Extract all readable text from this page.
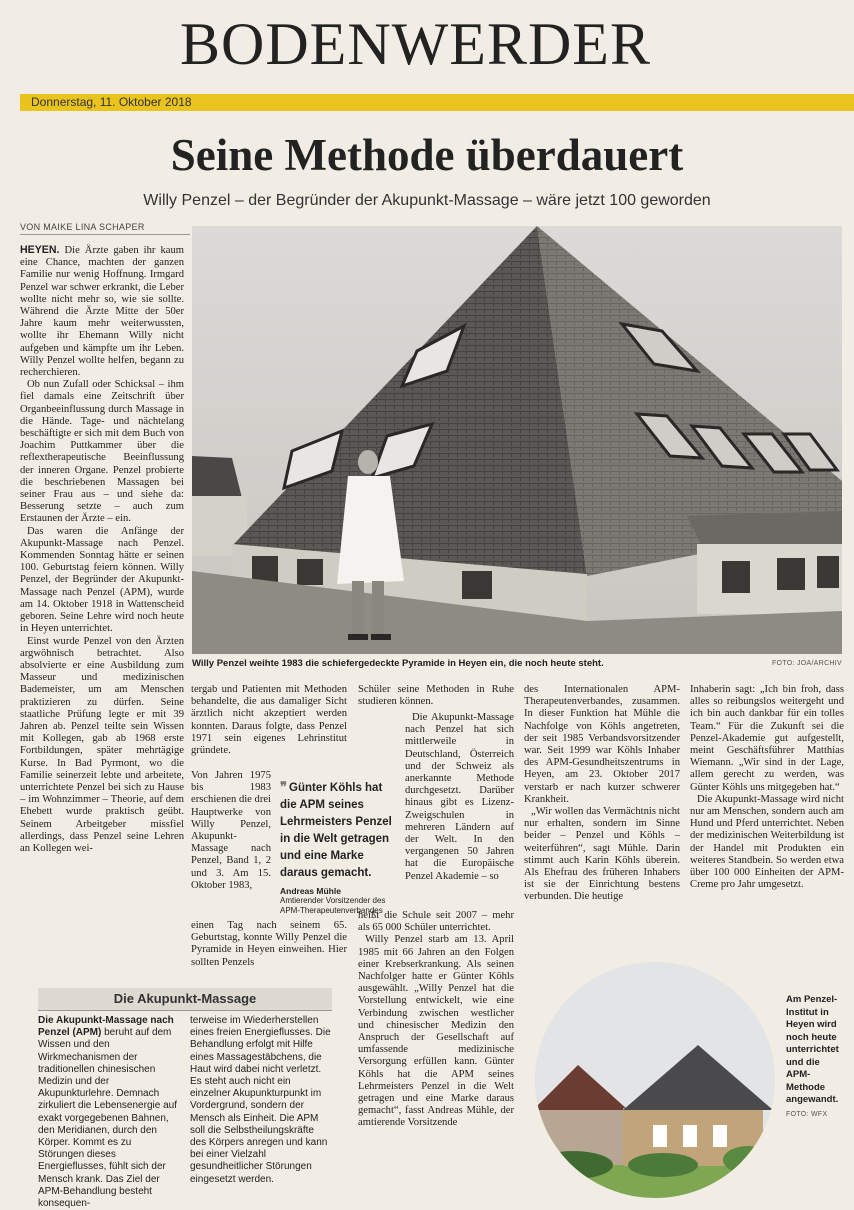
BODENWERDER
Donnerstag, 11. Oktober 2018
Seine Methode überdauert
Willy Penzel – der Begründer der Akupunkt-Massage – wäre jetzt 100 geworden
VON MAIKE LINA SCHAPER
Willy Penzel weihte 1983 die schiefergedeckte Pyramide in Heyen ein, die noch heute steht.	FOTO: JOA/ARCHIV

HEYEN. Die Ärzte gaben ihr kaum eine Chance, machten der ganzen Familie nur wenig Hoffnung. Irmgard Penzel war schwer erkrankt, die Leber wollte nicht mehr so, wie sie sollte. Während die Ärzte Mitte der 50er Jahre kaum mehr weiterwussten, wollte ihr Ehemann Willy nicht aufgeben und kämpfte um ihr Leben. Willy Penzel wollte helfen, begann zu recherchieren.

Ob nun Zufall oder Schicksal – ihm fiel damals eine Zeitschrift über Organbeeinflussung durch Massage in die Hände. Tage- und nächtelang beschäftigte er sich mit dem Buch von Joachim Puttkammer über die reflextherapeutische Beeinflussung der inneren Organe. Penzel probierte die beschriebenen Massagen bei seiner Frau aus – und siehe da: Besserung setzte – auch zum Erstaunen der Ärzte – ein.

Das waren die Anfänge der Akupunkt-Massage nach Penzel. Kommenden Sonntag hätte er seinen 100. Geburtstag feiern können. Willy Penzel, der Begründer der Akupunkt-Massage nach Penzel (APM), wurde am 14. Oktober 1918 in Wattenscheid geboren. Seine Lehre wird noch heute in Heyen unterrichtet.

Einst wurde Penzel von den Ärzten argwöhnisch betrachtet. Also absolvierte er eine Ausbildung zum Masseur und medizinischen Bademeister, um am Menschen praktizieren zu dürfen. Seine staatliche Prüfung legte er mit 39 Jahren ab. Penzel teilte sein Wissen mit Kollegen, gab ab 1968 erste Fortbildungen, später mehrtägige Kurse. In Bad Pyrmont, wo die Familie seinerzeit lebte und arbeitete, unterrichtete Penzel bei sich zu Hause – im Wohnzimmer – Theorie, auf dem Ehebett wurde praktisch geübt. Seinem Arbeitgeber missfiel allerdings, dass Penzel seine Lehren an Kollegen wei-

tergab und Patienten mit Methoden behandelte, die aus damaliger Sicht ärztlich nicht akzeptiert werden konnten. Daraus folgte, dass Penzel 1971 sein eigenes Lehrinstitut gründete.

Von Jahren 1975 bis 1983 erschienen die drei Hauptwerke von Willy Penzel, Akupunkt-Massage nach Penzel, Band 1, 2 und 3. Am 15. Oktober 1983,

❞ Günter Köhls hat die APM seines Lehrmeisters Penzel in die Welt getragen und eine Marke daraus gemacht.
Andreas Mühle
Amtierender Vorsitzender des APM-Therapeutenverbandes

einen Tag nach seinem 65. Geburtstag, konnte Willy Penzel die Pyramide in Heyen einweihen. Hier sollten Penzels

Schüler seine Methoden in Ruhe studieren können.

Die Akupunkt-Massage nach Penzel hat sich mittlerweile in Deutschland, Österreich und der Schweiz als anerkannte Methode durchgesetzt. Darüber hinaus gibt es Lizenz-Zweigschulen in mehreren Ländern auf der Welt. In den vergangenen 50 Jahren hat die Europäische Penzel Akademie – so

heißt die Schule seit 2007 – mehr als 65 000 Schüler unterrichtet.

Willy Penzel starb am 13. April 1985 mit 66 Jahren an den Folgen einer Krebserkrankung. Als seinen Nachfolger hatte er Günter Köhls ausgewählt. „Willy Penzel hat die Vorstellung entwickelt, wie eine Verbindung zwischen westlicher und chinesischer Medizin den Anspruch der Gesellschaft auf umfassende medizinische Versorgung erfüllen kann. Günter Köhls hat die APM seines Lehrmeisters Penzel in die Welt getragen und eine Marke daraus gemacht“, fasst Andreas Mühle, der amtierende Vorsitzende

des Internationalen APM-Therapeutenverbandes, zusammen. In dieser Funktion hat Mühle die Nachfolge von Köhls angetreten, der seit 1985 Verbandsvorsitzender war. Seit 1999 war Köhls Inhaber des APM-Gesundheitszentrums in Heyen, am 23. Oktober 2017 verstarb er nach kurzer schwerer Krankheit.

„Wir wollen das Vermächtnis nicht nur erhalten, sondern im Sinne beider – Penzel und Köhls – weiterführen“, sagt Mühle. Darin stimmt auch Karin Köhls überein. Als Ehefrau des früheren Inhabers ist sie der Einrichtung bestens verbunden. Die heutige

Inhaberin sagt: „Ich bin froh, dass alles so reibungslos weitergeht und ich bin auch dankbar für ein tolles Team.“ Für die Zukunft sei die Penzel-Akademie gut aufgestellt, meint Geschäftsführer Matthias Wiemann. „Wir sind in der Lage, allem gerecht zu werden, was Günter Köhls uns mitgegeben hat.“

Die Akupunkt-Massage wird nicht nur am Menschen, sondern auch am Hund und Pferd unterrichtet. Neben der medizinischen Weiterbildung ist der Handel mit Produkten ein weiteres Standbein. So werden etwa über 100 000 Einheiten der APM-Creme pro Jahr umgesetzt.

Die Akupunkt-Massage
Die Akupunkt-Massage nach Penzel (APM) beruht auf dem Wissen und den Wirkmechanismen der traditionellen chinesischen Medizin und der Akupunkturlehre. Demnach zirkuliert die Lebensenergie auf exakt vorgegebenen Bahnen, den Meridianen, durch den Körper. Kommt es zu Störungen dieses Energieflusses, fühlt sich der Mensch krank. Das Ziel der APM-Behandlung besteht konsequen-
terweise im Wiederherstellen eines freien Energieflusses. Die Behandlung erfolgt mit Hilfe eines Massagestäbchens, die Haut wird dabei nicht verletzt. Es steht auch nicht ein einzelner Akupunkturpunkt im Vordergrund, sondern der Mensch als Einheit. Die APM soll die Selbstheilungskräfte des Körpers anregen und kann bei einer Vielzahl gesundheitlicher Störungen eingesetzt werden.
Am Penzel-Institut in Heyen wird noch heute unterrichtet und die APM-Methode angewandt.
FOTO: WFX
